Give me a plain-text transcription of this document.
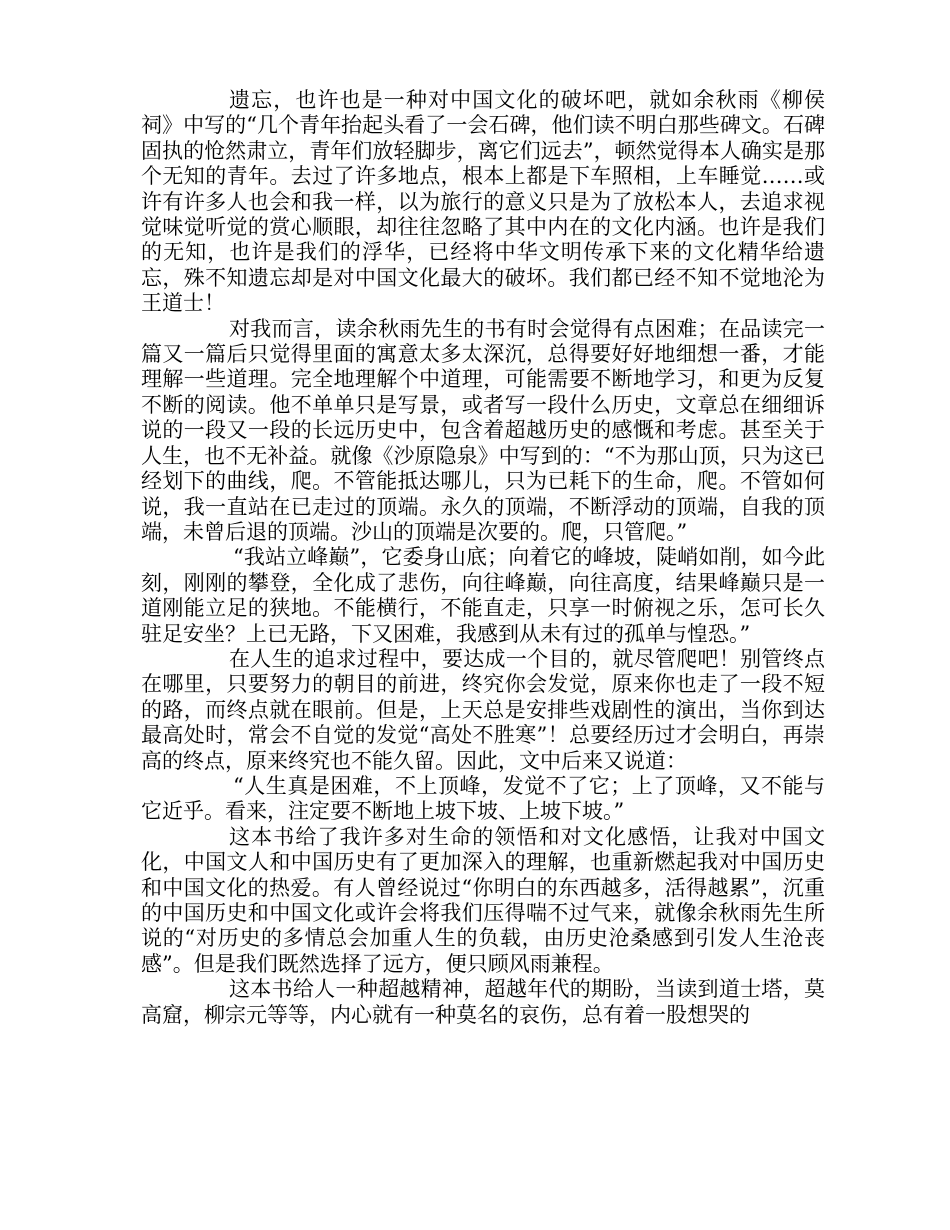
遗忘，也许也是一种对中国文化的破坏吧，就如余秋雨《柳侯祠》中写的“几个青年抬起头看了一会石碑，他们读不明白那些碑文。石碑固执的怆然肃立，青年们放轻脚步，离它们远去”，顿然觉得本人确实是那个无知的青年。去过了许多地点，根本上都是下车照相，上车睡觉……或许有许多人也会和我一样，以为旅行的意义只是为了放松本人，去追求视觉味觉听觉的赏心顺眼，却往往忽略了其中内在的文化内涵。也许是我们的无知，也许是我们的浮华，已经将中华文明传承下来的文化精华给遗忘，殊不知遗忘却是对中国文化最大的破坏。我们都已经不知不觉地沦为王道士！

对我而言，读余秋雨先生的书有时会觉得有点困难；在品读完一篇又一篇后只觉得里面的寓意太多太深沉，总得要好好地细想一番，才能理解一些道理。完全地理解个中道理，可能需要不断地学习，和更为反复不断的阅读。他不单单只是写景，或者写一段什么历史，文章总在细细诉说的一段又一段的长远历史中，包含着超越历史的感慨和考虑。甚至关于人生，也不无补益。就像《沙原隐泉》中写到的：“不为那山顶，只为这已经划下的曲线，爬。不管能抵达哪儿，只为已耗下的生命，爬。不管如何说，我一直站在已走过的顶端。永久的顶端，不断浮动的顶端，自我的顶端，未曾后退的顶端。沙山的顶端是次要的。爬，只管爬。”

“我站立峰巅”，它委身山底；向着它的峰坡，陡峭如削，如今此刻，刚刚的攀登，全化成了悲伤，向往峰巅，向往高度，结果峰巅只是一道刚能立足的狭地。不能横行，不能直走，只享一时俯视之乐，怎可长久驻足安坐？上已无路，下又困难，我感到从未有过的孤单与惶恐。”

在人生的追求过程中，要达成一个目的，就尽管爬吧！别管终点在哪里，只要努力的朝目的前进，终究你会发觉，原来你也走了一段不短的路，而终点就在眼前。但是，上天总是安排些戏剧性的演出，当你到达最高处时，常会不自觉的发觉“高处不胜寒”！总要经历过才会明白，再崇高的终点，原来终究也不能久留。因此，文中后来又说道：

“人生真是困难，不上顶峰，发觉不了它；上了顶峰，又不能与它近乎。看来，注定要不断地上坡下坡、上坡下坡。”

这本书给了我许多对生命的领悟和对文化感悟，让我对中国文化，中国文人和中国历史有了更加深入的理解，也重新燃起我对中国历史和中国文化的热爱。有人曾经说过“你明白的东西越多，活得越累”，沉重的中国历史和中国文化或许会将我们压得喘不过气来，就像余秋雨先生所说的“对历史的多情总会加重人生的负载，由历史沧桑感到引发人生沧丧感”。但是我们既然选择了远方，便只顾风雨兼程。

这本书给人一种超越精神，超越年代的期盼，当读到道士塔，莫高窟，柳宗元等等，内心就有一种莫名的哀伤，总有着一股想哭的
